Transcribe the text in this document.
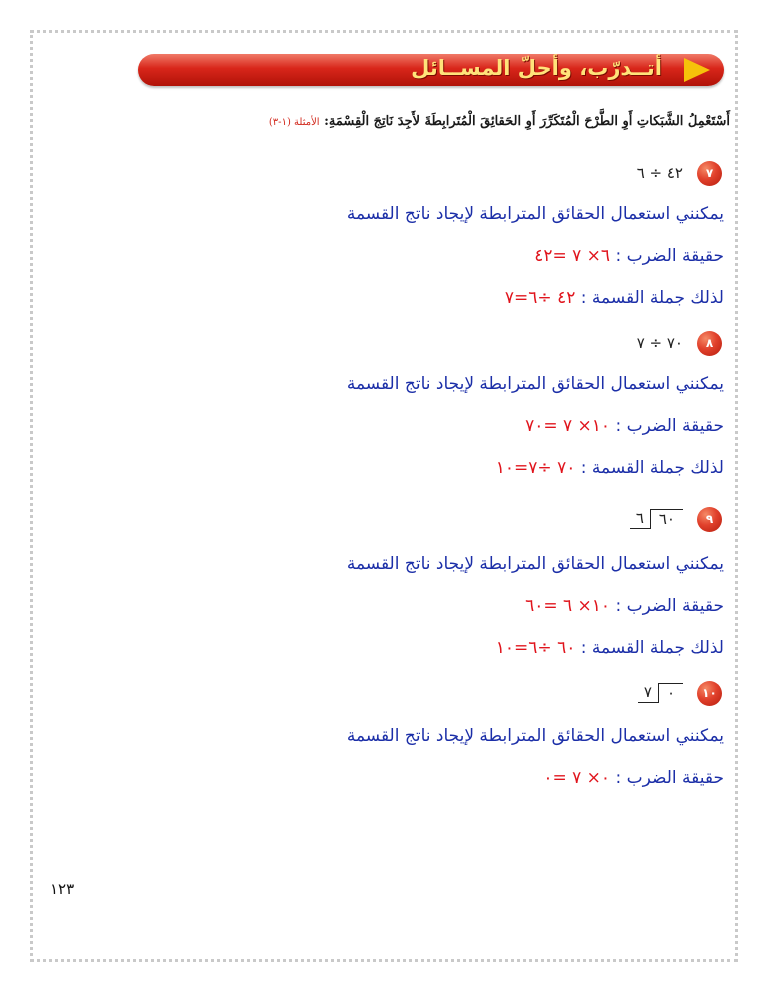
أتــدرّب، وأحلّ المســائل
أَسْتَعْمِلُ الشَّبَكاتِ أَوِ الطَّرْحَ الْمُتَكَرِّرَ أَوِ الحَقائِقَ الْمُتَرابِطَةَ لأَجِدَ نَاتِجَ الْقِسْمَةِ: الأمثلة (١-٣)
٧
٤٢ ÷ ٦
يمكنني استعمال الحقائق المترابطة لإيجاد ناتج القسمة
حقيقة الضرب : ٦× ٧ =٤٢
لذلك جملة القسمة : ٤٢ ÷٦=٧
٨
٧٠ ÷ ٧
يمكنني استعمال الحقائق المترابطة لإيجاد ناتج القسمة
حقيقة الضرب : ١٠× ٧ =٧٠
لذلك جملة القسمة : ٧٠ ÷٧=١٠
٩
٦	٦٠
يمكنني استعمال الحقائق المترابطة لإيجاد ناتج القسمة
حقيقة الضرب : ١٠× ٦ =٦٠
لذلك جملة القسمة : ٦٠ ÷٦=١٠
١٠
٧	٠
يمكنني استعمال الحقائق المترابطة لإيجاد ناتج القسمة
حقيقة الضرب : ٠× ٧ =٠
١٢٣
